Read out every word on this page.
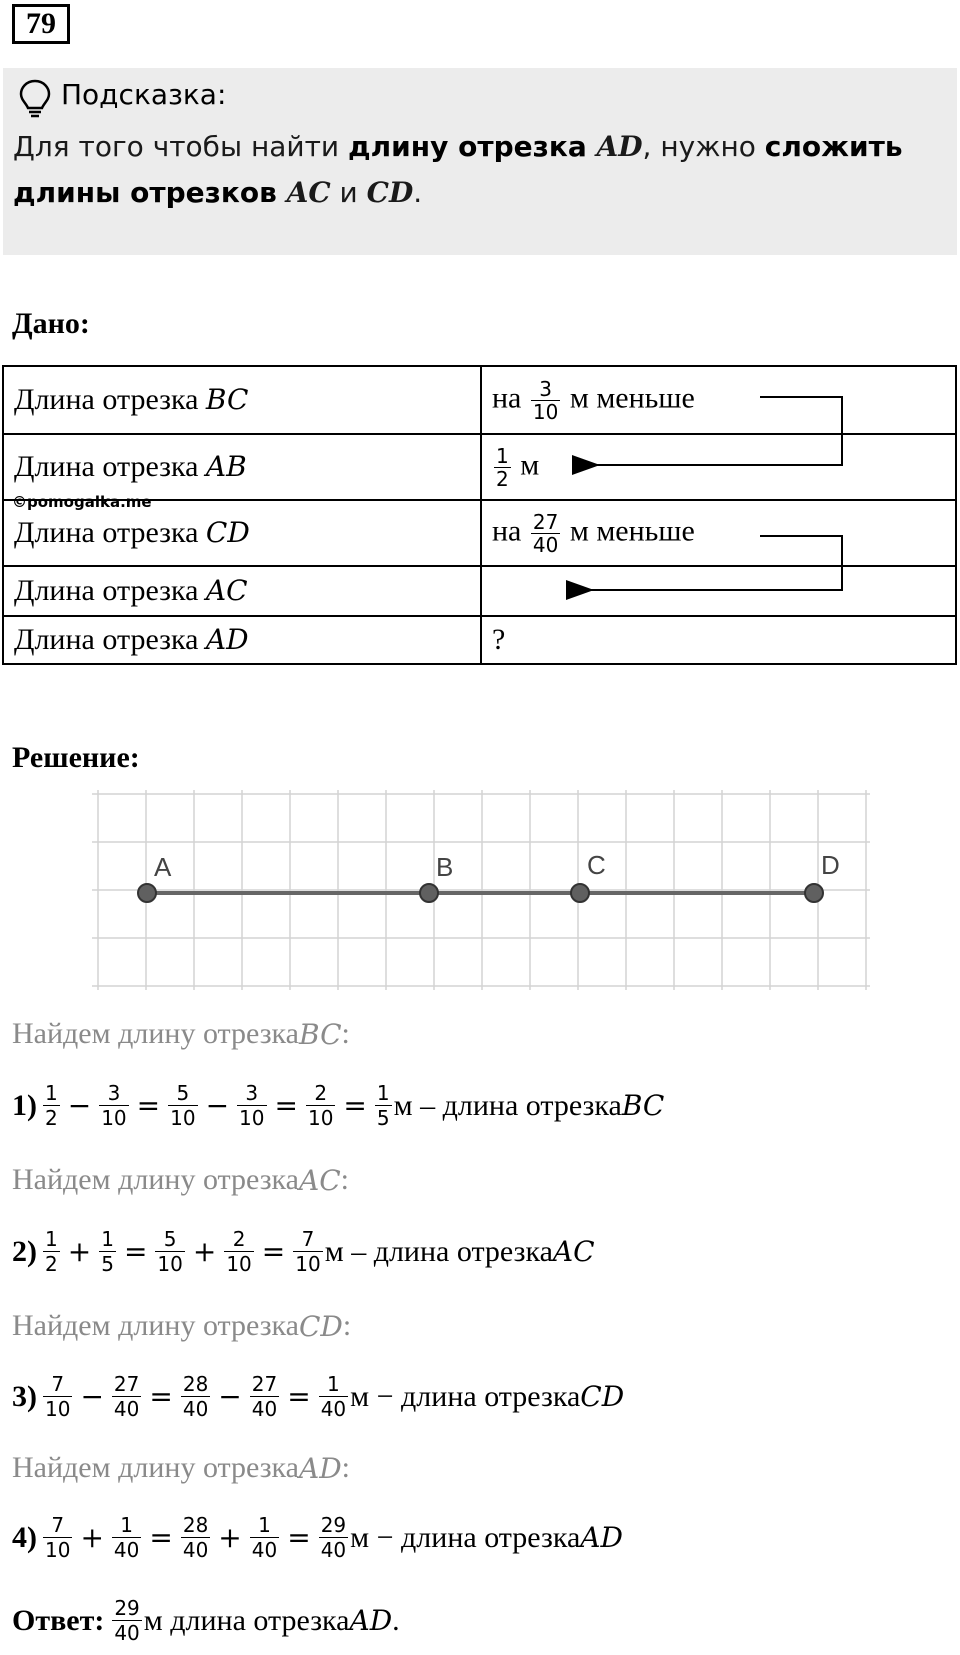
79
Подсказка:
Для того чтобы найти длину отрезка AD, нужно сложить
длины отрезков AC и CD.
Дано:
Длина отрезка BC	на $\frac{3}{10}$ м меньше
Длина отрезка AB	$\frac{1}{2}$ м
Длина отрезка CD	на $\frac{27}{40}$ м меньше
Длина отрезка AC	
Длина отрезка AD	?
©pomogalka.me
Решение:
A	B	C	D
Найдем длину отрезка BC :
$1) \frac{1}{2} - \frac{3}{10} = \frac{5}{10} - \frac{3}{10} = \frac{2}{10} = \frac{1}{5}$ м – длина отрезка BC
Найдем длину отрезка AC :
$2) \frac{1}{2} + \frac{1}{5} = \frac{5}{10} + \frac{2}{10} = \frac{7}{10}$ м – длина отрезка AC
Найдем длину отрезка CD :
$3) \frac{7}{10} - \frac{27}{40} = \frac{28}{40} - \frac{27}{40} = \frac{1}{40}$ м − длина отрезка CD
Найдем длину отрезка AD :
$4) \frac{7}{10} + \frac{1}{40} = \frac{28}{40} + \frac{1}{40} = \frac{29}{40}$ м − длина отрезка AD
Ответ: $\frac{29}{40}$ м длина отрезка AD .
